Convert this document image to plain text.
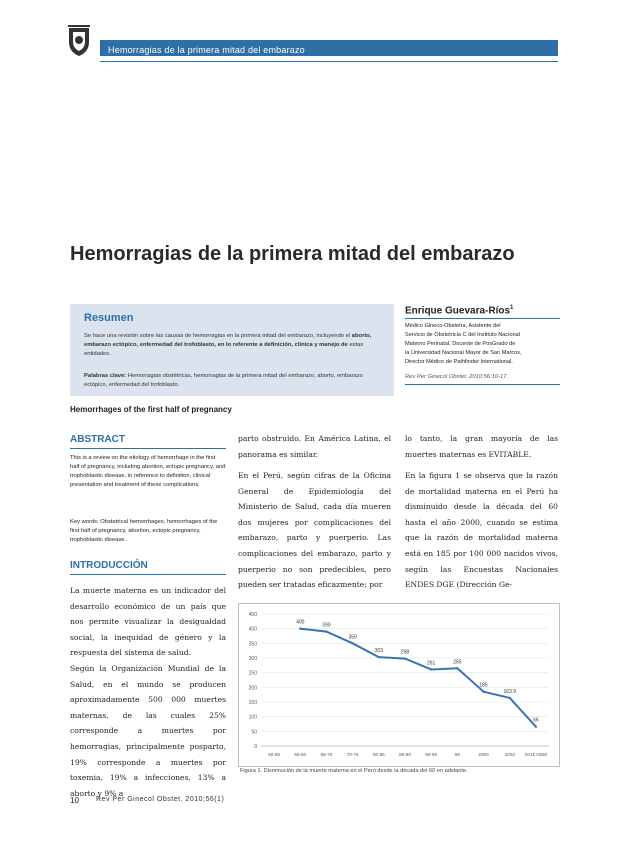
Hemorragias de la primera mitad del embarazo
Hemorragias de la primera mitad del embarazo
Resumen
Se hace una revisión sobre las causas de hemorragias en la primera mitad del embarazo, incluyendo el aborto, embarazo ectópico, enfermedad del trofoblasto, en lo referente a definición, clínica y manejo de estas entidades.
Palabras clave: Hemorragias obstétricas, hemorragias de la primera mitad del embarazo, aborto, embarazo ectópico, enfermedad del trofoblasto.
Enrique Guevara-Ríos$^1$
Médico Gineco-Obstetra, Asistente del
Servicio de Obstetricia C del Instituto Nacional
Materno Perinatal, Docente de PosGrado de
la Universidad Nacional Mayor de San Marcos,
Director Médico de Pathfinder International.
Rev Per Ginecol Obstet. 2010;56:10-17.
Hemorrhages of the first half of pregnancy
ABSTRACT
This is a review on the etiology of hemorrhage in the first half of pregnancy, including abortion, ectopic pregnancy, and trophoblastic disease, in reference to definition, clinical presentation and treatment of these complications.
Key words: Obstetrical hemorrhages, hemorrhages of the first half of pregnancy, abortion, ectopic pregnancy, trophoblastic disease.
INTRODUCCIÓN
La muerte materna es un indicador del desarrollo económico de un país que nos permite visualizar la desigualdad social, la inequidad de género y la respuesta del sistema de salud.
Según la Organización Mundial de la Salud, en el mundo se producen aproximadamente 500 000 muertes maternas, de las cuales 25% corresponde a muertes por hemorragias, principalmente posparto, 19% corresponde a muertes por toxemia, 19% a infecciones, 13% a aborto y 9% a
parto obstruido. En América Latina, el panorama es similar.
En el Perú, según cifras de la Oficina General de Epidemiología del Ministerio de Salud, cada día mueren dos mujeres por complicaciones del embarazo, parto y puerperio. Las complicaciones del embarazo, parto y puerperio no son predecibles, pero pueden ser tratadas eficazmente; por
lo tanto, la gran mayoría de las muertes maternas es EVITABLE.
En la figura 1 se observa que la razón de mortalidad materna en el Perú ha disminuido desde la década del 60 hasta el año 2000, cuando se estima que la razón de mortalidad materna está en 185 por 100 000 nacidos vivos, según las Encuestas Nacionales ENDES DGE (Dirección Ge-
0
50
100
150
200
250
300
350
400
450
50-55	55-60	65-70	70-75	80-85	85-90	90-95	96	2000	2003 2015 ODM
400	390
350
303	298
261	265
185
163.9
66
Figura 1. Disminución de la muerte materna en el Perú desde la década del 60 en adelante.
10 Rev Per Ginecol Obstet. 2010;56(1)
